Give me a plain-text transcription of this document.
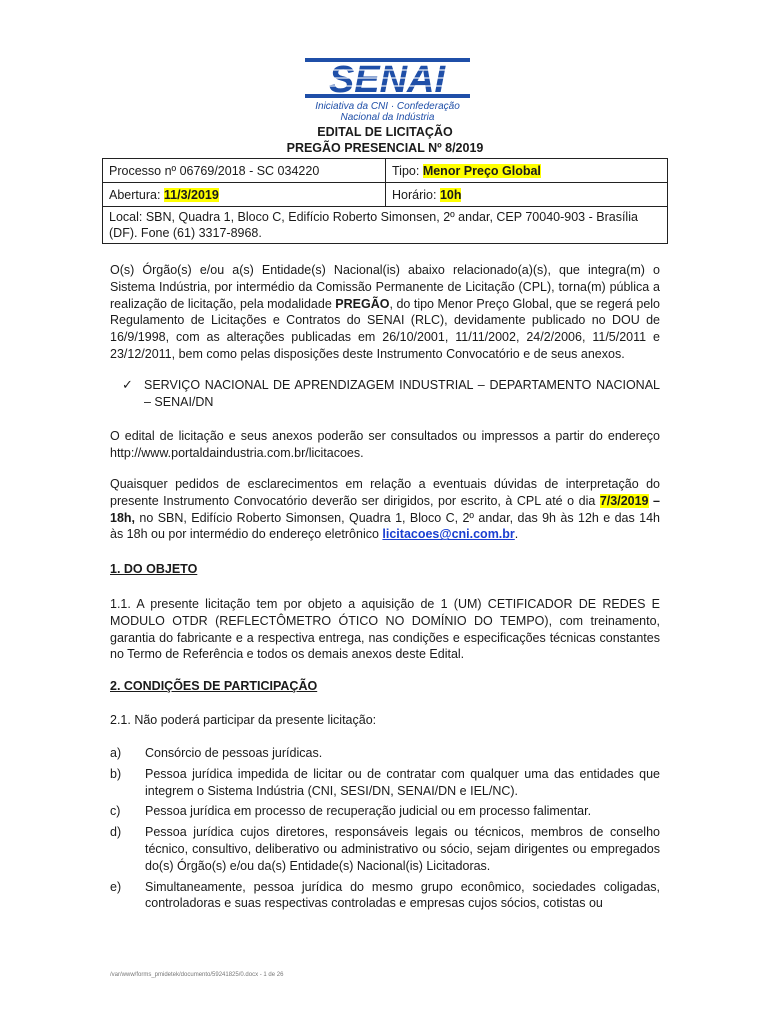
SENAI
Iniciativa da CNI · Confederação
Nacional da Indústria
EDITAL DE LICITAÇÃO
PREGÃO PRESENCIAL Nº 8/2019
Processo nº 06769/2018 - SC 034220	Tipo: Menor Preço Global
Abertura: 11/3/2019	Horário: 10h

Local: SBN, Quadra 1, Bloco C, Edifício Roberto Simonsen, 2º andar, CEP 70040-903 - Brasília
(DF). Fone (61) 3317-8968.	
O(s) Órgão(s) e/ou a(s) Entidade(s) Nacional(is) abaixo relacionado(a)(s), que integra(m) o Sistema Indústria, por intermédio da Comissão Permanente de Licitação (CPL), torna(m) pública a realização de licitação, pela modalidade PREGÃO, do tipo Menor Preço Global, que se regerá pelo Regulamento de Licitações e Contratos do SENAI (RLC), devidamente publicado no DOU de 16/9/1998, com as alterações publicadas em 26/10/2001, 11/11/2002, 24/2/2006, 11/5/2011 e 23/12/2011, bem como pelas disposições deste Instrumento Convocatório e de seus anexos.
✓ SERVIÇO NACIONAL DE APRENDIZAGEM INDUSTRIAL – DEPARTAMENTO NACIONAL – SENAI/DN
O edital de licitação e seus anexos poderão ser consultados ou impressos a partir do endereço http://www.portaldaindustria.com.br/licitacoes.
Quaisquer pedidos de esclarecimentos em relação a eventuais dúvidas de interpretação do presente Instrumento Convocatório deverão ser dirigidos, por escrito, à CPL até o dia 7/3/2019 – 18h, no SBN, Edifício Roberto Simonsen, Quadra 1, Bloco C, 2º andar, das 9h às 12h e das 14h às 18h ou por intermédio do endereço eletrônico licitacoes@cni.com.br.
1. DO OBJETO
1.1. A presente licitação tem por objeto a aquisição de 1 (UM) CETIFICADOR DE REDES E MODULO OTDR (REFLECTÔMETRO ÓTICO NO DOMÍNIO DO TEMPO), com treinamento, garantia do fabricante e a respectiva entrega, nas condições e especificações técnicas constantes no Termo de Referência e todos os demais anexos deste Edital.
2. CONDIÇÕES DE PARTICIPAÇÃO
2.1. Não poderá participar da presente licitação:
a)	Consórcio de pessoas jurídicas.
b)	Pessoa jurídica impedida de licitar ou de contratar com qualquer uma das entidades que integrem o Sistema Indústria (CNI, SESI/DN, SENAI/DN e IEL/NC).
c)	Pessoa jurídica em processo de recuperação judicial ou em processo falimentar.
d)	Pessoa jurídica cujos diretores, responsáveis legais ou técnicos, membros de conselho técnico, consultivo, deliberativo ou administrativo ou sócio, sejam dirigentes ou empregados do(s) Órgão(s) e/ou da(s) Entidade(s) Nacional(is) Licitadoras.
e)	Simultaneamente, pessoa jurídica do mesmo grupo econômico, sociedades coligadas, controladoras e suas respectivas controladas e empresas cujos sócios, cotistas ou
/var/www/forms_pmidetek/documento/59241825/0.docx - 1 de 26
